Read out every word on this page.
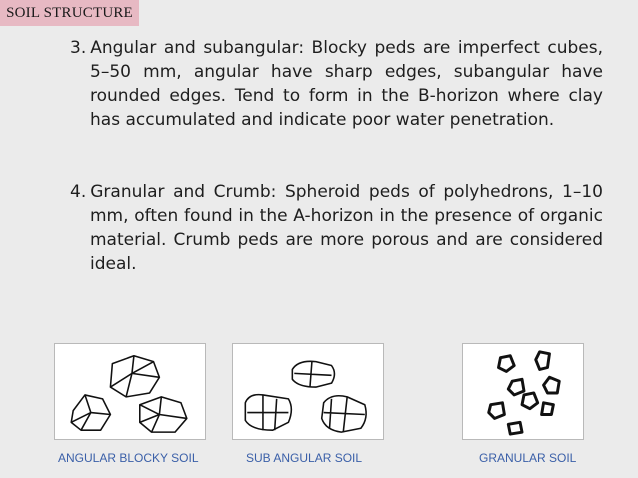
SOIL STRUCTURE
3. Angular and subangular: Blocky peds are imperfect cubes, 5–50 mm, angular have sharp edges, subangular have rounded edges. Tend to form in the B-horizon where clay has accumulated and indicate poor water penetration.
4. Granular and Crumb: Spheroid peds of polyhedrons, 1–10 mm, often found in the A-horizon in the presence of organic material. Crumb peds are more porous and are considered ideal.
ANGULAR BLOCKY SOIL	SUB ANGULAR SOIL	GRANULAR SOIL
